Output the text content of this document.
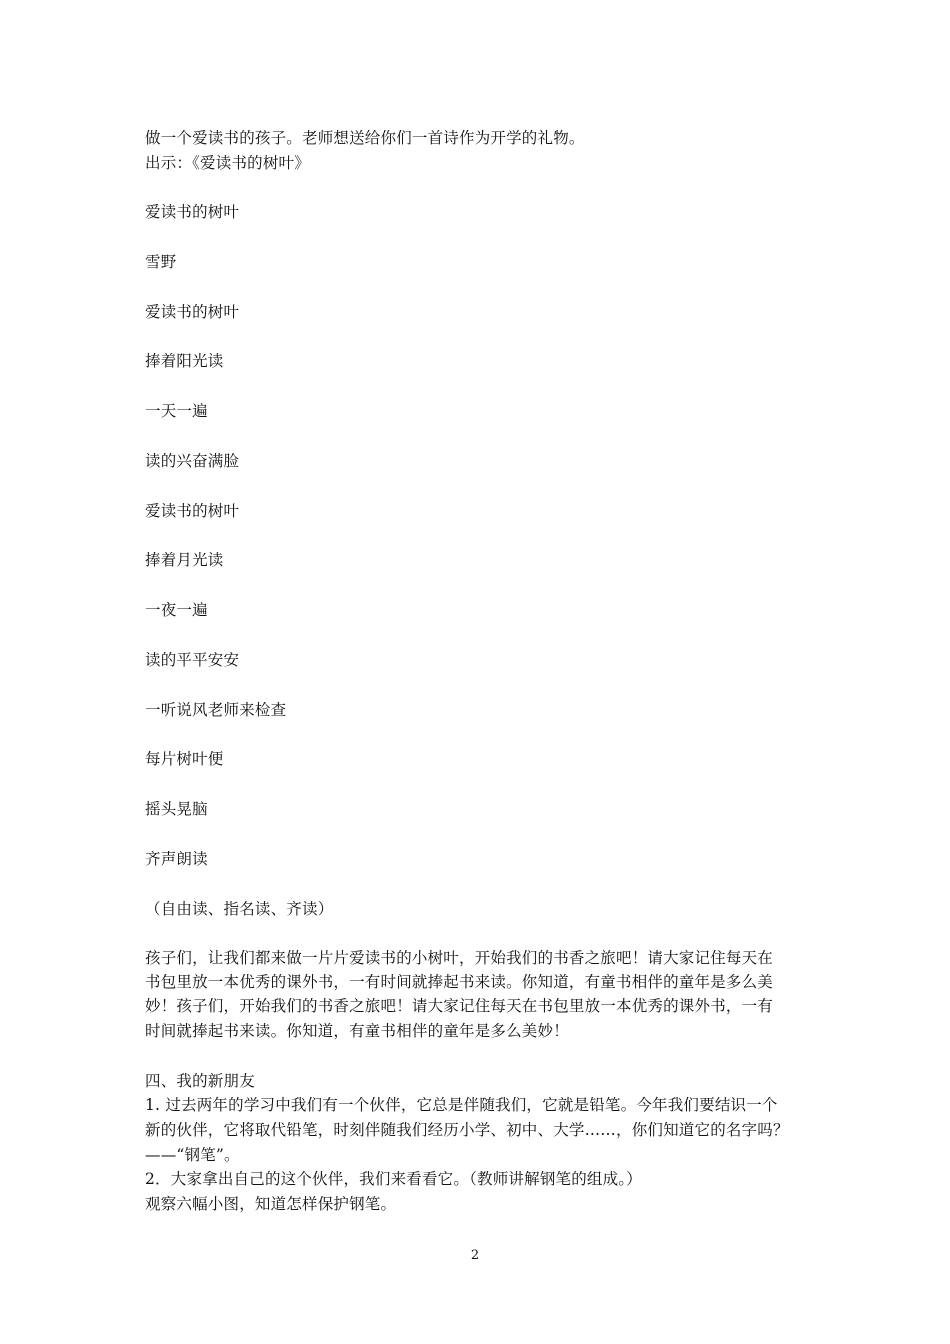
做一个爱读书的孩子。老师想送给你们一首诗作为开学的礼物。
出示：《爱读书的树叶》
爱读书的树叶
雪野
爱读书的树叶
捧着阳光读
一天一遍
读的兴奋满脸
爱读书的树叶
捧着月光读
一夜一遍
读的平平安安
一听说风老师来检查
每片树叶便
摇头晃脑
齐声朗读
（自由读、指名读、齐读）
孩子们，让我们都来做一片片爱读书的小树叶，开始我们的书香之旅吧！请大家记住每天在
书包里放一本优秀的课外书，一有时间就捧起书来读。你知道，有童书相伴的童年是多么美
妙！孩子们，开始我们的书香之旅吧！请大家记住每天在书包里放一本优秀的课外书，一有
时间就捧起书来读。你知道，有童书相伴的童年是多么美妙！
四、我的新朋友
1. 过去两年的学习中我们有一个伙伴，它总是伴随我们，它就是铅笔。今年我们要结识一个
新的伙伴，它将取代铅笔，时刻伴随我们经历小学、初中、大学……，你们知道它的名字吗？
——“钢笔”。
2．大家拿出自己的这个伙伴，我们来看看它。（教师讲解钢笔的组成。）
观察六幅小图，知道怎样保护钢笔。
2
